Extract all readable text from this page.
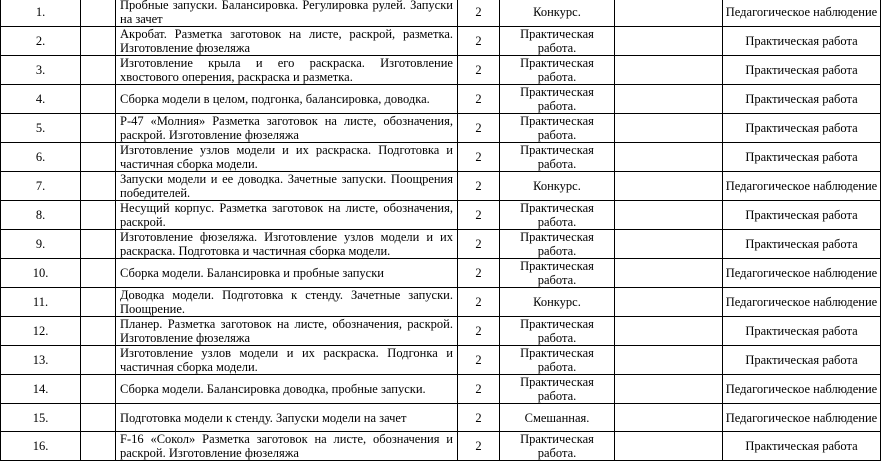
1.		Пробные запуски. Балансировка. Регулировка рулей. Запуски на зачет	2	Конкурс.		Педагогическое наблюдение
2.		Акробат. Разметка заготовок на листе, раскрой, разметка. Изготовление фюзеляжа	2	Практическая работа.		Практическая работа
3.		Изготовление крыла и его раскраска. Изготовление хвостового оперения, раскраска и разметка.	2	Практическая работа.		Практическая работа
4.		Сборка модели в целом, подгонка, балансировка, доводка.	2	Практическая работа.		Практическая работа
5.		Р-47 «Молния» Разметка заготовок на листе, обозначения, раскрой. Изготовление фюзеляжа	2	Практическая работа.		Практическая работа
6.		Изготовление узлов модели и их раскраска. Подготовка и частичная сборка модели.	2	Практическая работа.		Практическая работа
7.		Запуски модели и ее доводка. Зачетные запуски. Поощрения победителей.	2	Конкурс.		Педагогическое наблюдение
8.		Несущий корпус. Разметка заготовок на листе, обозначения, раскрой.	2	Практическая работа.		Практическая работа
9.		Изготовление фюзеляжа. Изготовление узлов модели и их раскраска. Подготовка и частичная сборка модели.	2	Практическая работа.		Практическая работа
10.		Сборка модели. Балансировка и пробные запуски	2	Практическая работа.		Педагогическое наблюдение
11.		Доводка модели. Подготовка к стенду. Зачетные запуски. Поощрение.	2	Конкурс.		Педагогическое наблюдение
12.		Планер. Разметка заготовок на листе, обозначения, раскрой. Изготовление фюзеляжа	2	Практическая работа.		Практическая работа
13.		Изготовление узлов модели и их раскраска. Подгонка и частичная сборка модели.	2	Практическая работа.		Практическая работа
14.		Сборка модели. Балансировка доводка, пробные запуски.	2	Практическая работа.		Педагогическое наблюдение
15.		Подготовка модели к стенду. Запуски модели на зачет	2	Смешанная.		Педагогическое наблюдение
16.		F-16 «Сокол» Разметка заготовок на листе, обозначения и раскрой. Изготовление фюзеляжа	2	Практическая работа.		Практическая работа
